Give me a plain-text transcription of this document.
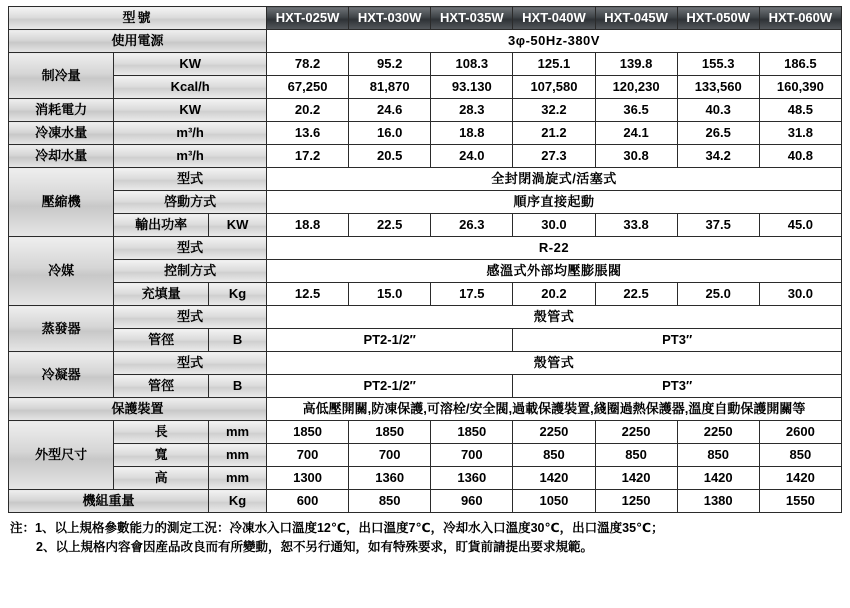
型號			HXT-025W	HXT-030W	HXT-035W	HXT-040W	HXT-045W	HXT-050W	HXT-060W
使用電源			3φ-50Hz-380V						
制冷量	KW		78.2	95.2	108.3	125.1	139.8	155.3	186.5
	Kcal/h		67,250	81,870	93.130	107,580	120,230	133,560	160,390
消耗電力	KW		20.2	24.6	28.3	32.2	36.5	40.3	48.5
冷凍水量	m³/h		13.6	16.0	18.8	21.2	24.1	26.5	31.8
冷却水量	m³/h		17.2	20.5	24.0	27.3	30.8	34.2	40.8
壓縮機	型式		全封閉渦旋式/活塞式						
	啓動方式		順序直接起動						
	輸出功率	KW	18.8	22.5	26.3	30.0	33.8	37.5	45.0
冷媒	型式		R-22						
	控制方式		感溫式外部均壓膨脹閥						
	充填量	Kg	12.5	15.0	17.5	20.2	22.5	25.0	30.0
蒸發器	型式		殼管式						
	管徑	B	PT2-1/2″			PT3″			
冷凝器	型式		殼管式						
	管徑	B	PT2-1/2″			PT3″			
保護裝置			高低壓開關,防凍保護,可溶栓/安全閥,過載保護裝置,綫圈過熱保護器,溫度自動保護開關等						
外型尺寸	長	mm	1850	1850	1850	2250	2250	2250	2600
	寬	mm	700	700	700	850	850	850	850
	高	mm	1300	1360	1360	1420	1420	1420	1420
機組重量		Kg	600	850	960	1050	1250	1380	1550
注：1、以上規格參數能力的測定工況：冷凍水入口溫度12℃，出口溫度7℃，冷却水入口溫度30℃，出口溫度35℃；
2、以上規格内容會因産品改良而有所變動，恕不另行通知，如有特殊要求，盯貨前請提出要求規範。
